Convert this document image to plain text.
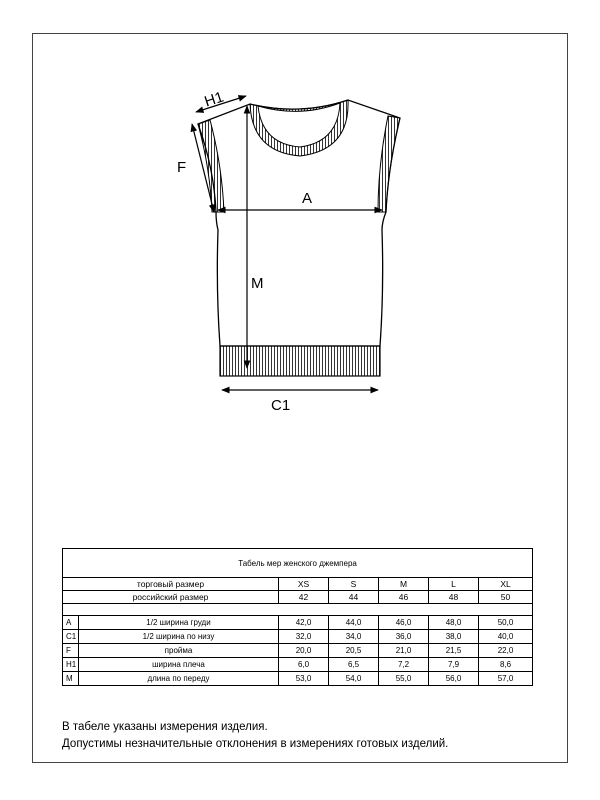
H1
F
A
M
C1
Табель мер женского джемпера						
торговый размер		XS	S	M	L	XL
российский размер		42	44	46	48	50

A	1/2 ширина груди	42,0	44,0	46,0	48,0	50,0
C1	1/2 ширина по низу	32,0	34,0	36,0	38,0	40,0
F	пройма	20,0	20,5	21,0	21,5	22,0
H1	ширина плеча	6,0	6,5	7,2	7,9	8,6
M	длина по переду	53,0	54,0	55,0	56,0	57,0
В табеле указаны измерения изделия.
Допустимы незначительные отклонения в измерениях готовых изделий.
